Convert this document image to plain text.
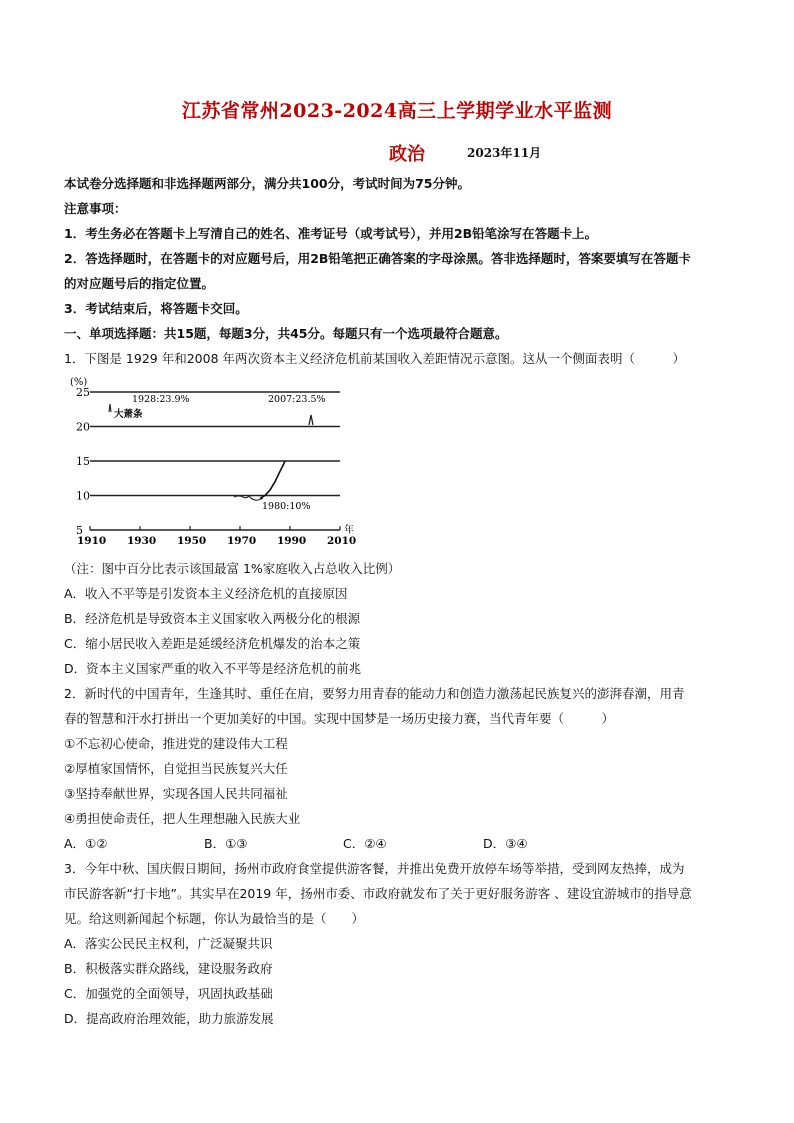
江苏省常州2023-2024高三上学期学业水平监测
政治	2023年11月
本试卷分选择题和非选择题两部分，满分共100分，考试时间为75分钟。
注意事项：
1．考生务必在答题卡上写清自己的姓名、准考证号（或考试号），并用2B铅笔涂写在答题卡上。
2．答选择题时，在答题卡的对应题号后，用2B铅笔把正确答案的字母涂黑。答非选择题时，答案要填写在答题卡
的对应题号后的指定位置。
3．考试结束后，将答题卡交回。
一、单项选择题：共15题，每题3分，共45分。每题只有一个选项最符合题意。
1．下图是 1929 年和2008 年两次资本主义经济危机前某国收入差距情况示意图。这从一个侧面表明（　　　）
(%)
5
10
15
20
25
1910 1930 1950 1970 1990 2010
年
1928:23.9%
大萧条
2007:23.5%
1980:10%
（注：图中百分比表示该国最富 1%家庭收入占总收入比例）
A．收入不平等是引发资本主义经济危机的直接原因
B．经济危机是导致资本主义国家收入两极分化的根源
C．缩小居民收入差距是延缓经济危机爆发的治本之策
D．资本主义国家严重的收入不平等是经济危机的前兆
2．新时代的中国青年，生逢其时、重任在肩，要努力用青春的能动力和创造力激荡起民族复兴的澎湃春潮，用青
春的智慧和汗水打拼出一个更加美好的中国。实现中国梦是一场历史接力赛，当代青年要（　　　）
①不忘初心使命，推进党的建设伟大工程
②厚植家国情怀，自觉担当民族复兴大任
③坚持奉献世界，实现各国人民共同福祉
④勇担使命责任，把人生理想融入民族大业
A．①②	B．①③	C．②④	D．③④
3．今年中秋、国庆假日期间，扬州市政府食堂提供游客餐，并推出免费开放停车场等举措，受到网友热捧，成为
市民游客新“打卡地”。其实早在2019 年，扬州市委、市政府就发布了关于更好服务游客 、建设宜游城市的指导意
见。给这则新闻起个标题，你认为最恰当的是（　　）
A．落实公民民主权利，广泛凝聚共识
B．积极落实群众路线，建设服务政府
C．加强党的全面领导，巩固执政基础
D．提高政府治理效能，助力旅游发展
